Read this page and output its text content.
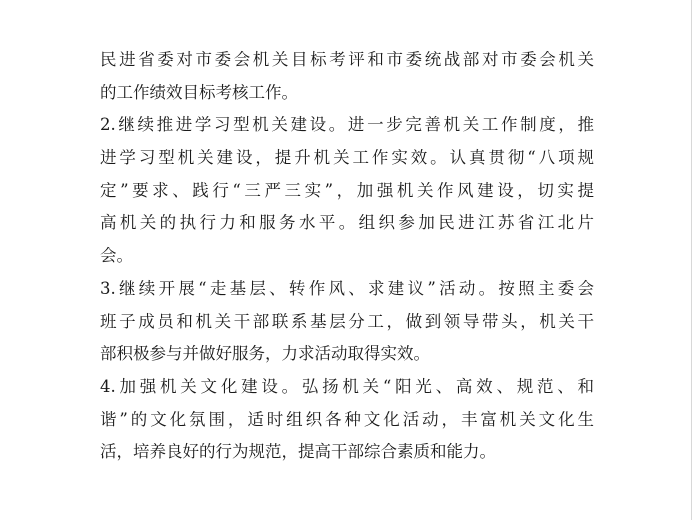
民进省委对市委会机关目标考评和市委统战部对市委会机关
的工作绩效目标考核工作。
2.继续推进学习型机关建设。进一步完善机关工作制度，推
进学习型机关建设，提升机关工作实效。认真贯彻“八项规
定”要求、践行“三严三实”，加强机关作风建设，切实提
高机关的执行力和服务水平。组织参加民进江苏省江北片
会。
3.继续开展“走基层、转作风、求建议”活动。按照主委会
班子成员和机关干部联系基层分工，做到领导带头，机关干
部积极参与并做好服务，力求活动取得实效。
4.加强机关文化建设。弘扬机关“阳光、高效、规范、和
谐”的文化氛围，适时组织各种文化活动，丰富机关文化生
活，培养良好的行为规范，提高干部综合素质和能力。
